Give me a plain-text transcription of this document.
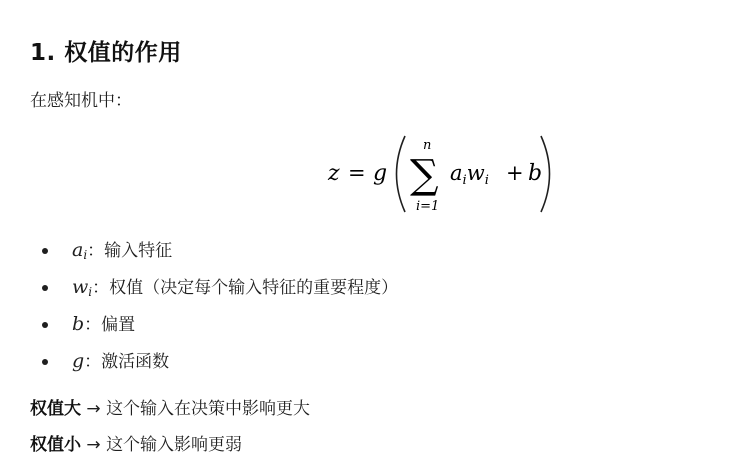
1. 权值的作用
在感知机中：
z = g
n
∑
i=1
aiwi + b
$a_i$：输入特征
$w_i$：权值（决定每个输入特征的重要程度）
b：偏置
g：激活函数
权值大 → 这个输入在决策中影响更大
权值小 → 这个输入影响更弱
